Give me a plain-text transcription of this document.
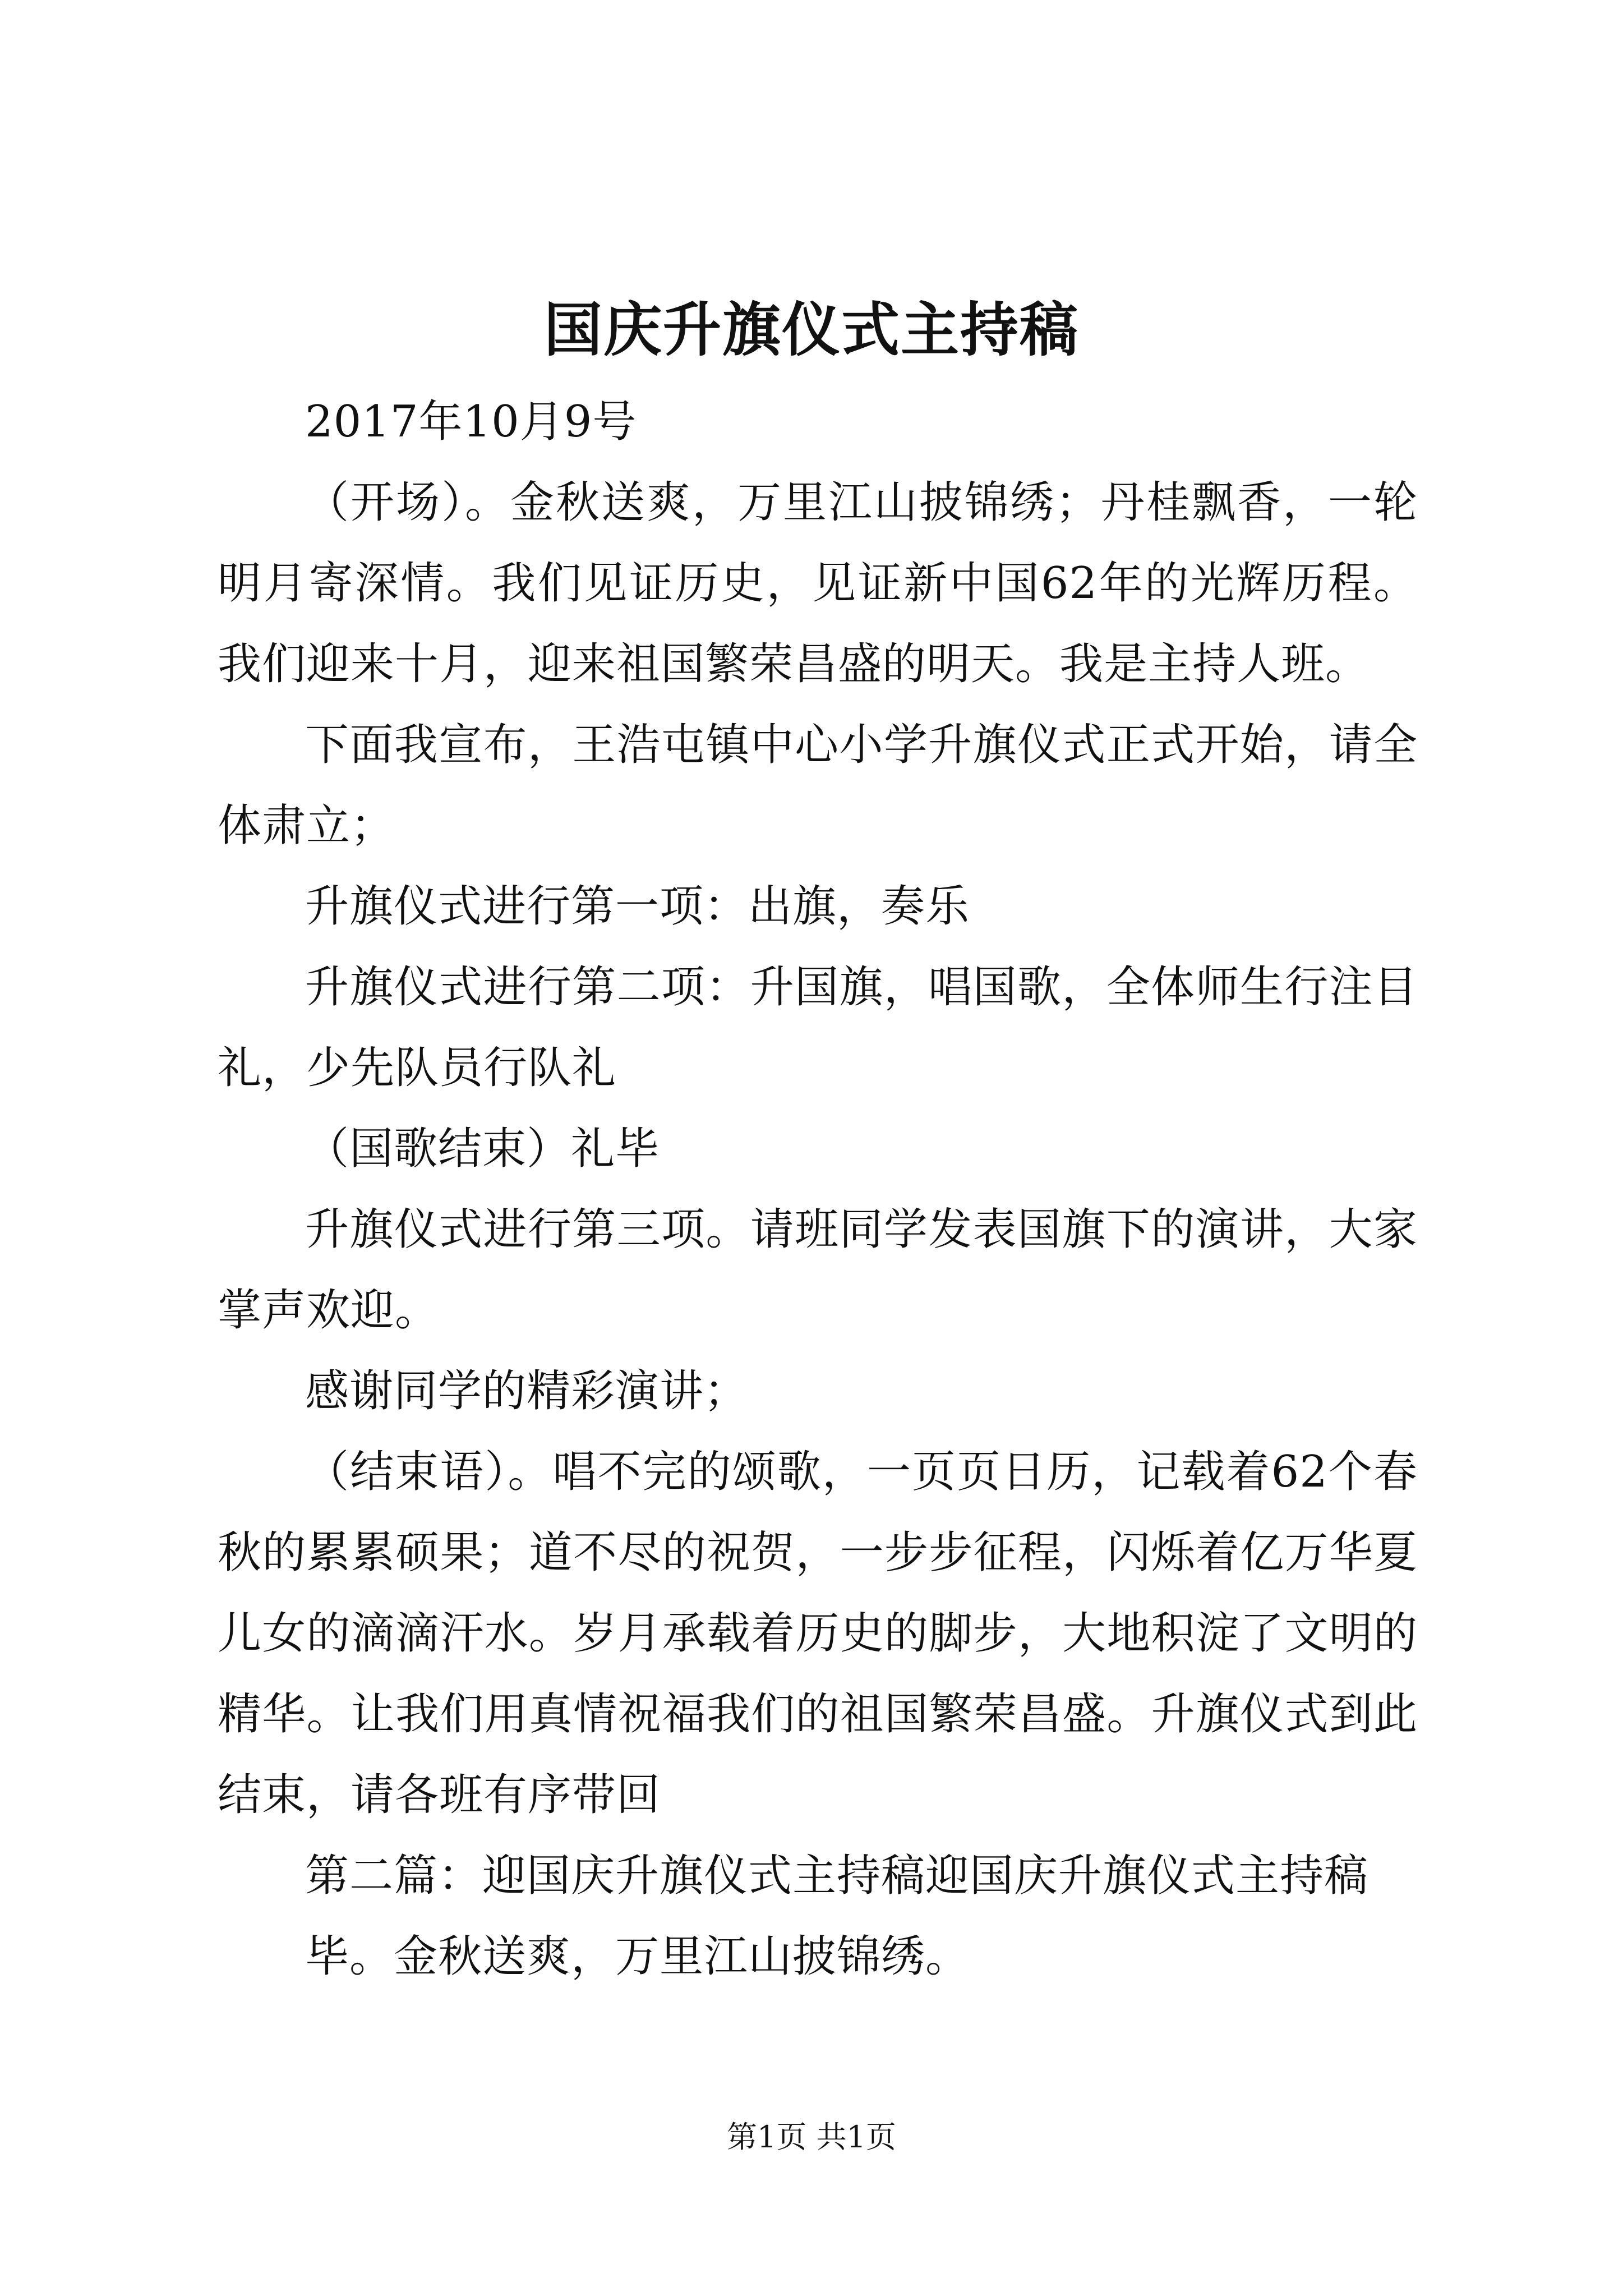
国庆升旗仪式主持稿

2017年10月9号

（开场）。金秋送爽，万里江山披锦绣；丹桂飘香，一轮明月寄深情。我们见证历史，见证新中国62年的光辉历程。我们迎来十月，迎来祖国繁荣昌盛的明天。我是主持人班。

下面我宣布，王浩屯镇中心小学升旗仪式正式开始，请全体肃立；

升旗仪式进行第一项：出旗，奏乐

升旗仪式进行第二项：升国旗，唱国歌，全体师生行注目礼，少先队员行队礼

（国歌结束）礼毕

升旗仪式进行第三项。请班同学发表国旗下的演讲，大家掌声欢迎。

感谢同学的精彩演讲；

（结束语）。唱不完的颂歌，一页页日历，记载着62个春秋的累累硕果；道不尽的祝贺，一步步征程，闪烁着亿万华夏儿女的滴滴汗水。岁月承载着历史的脚步，大地积淀了文明的精华。让我们用真情祝福我们的祖国繁荣昌盛。升旗仪式到此结束，请各班有序带回

第二篇：迎国庆升旗仪式主持稿迎国庆升旗仪式主持稿

毕。金秋送爽，万里江山披锦绣。

第1页 共1页
